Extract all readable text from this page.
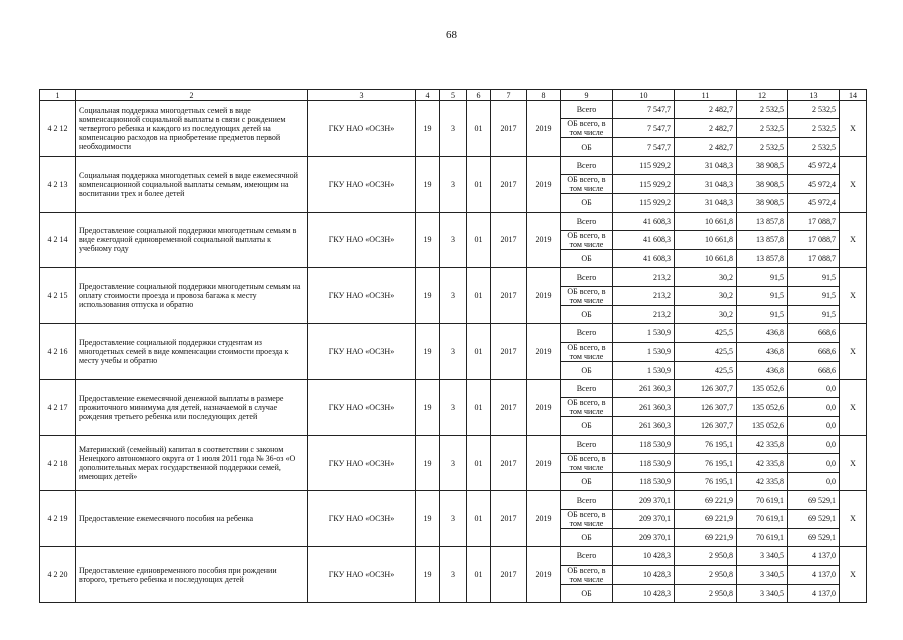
68
1	2	3	4	5	6	7	8	9	10	11	12	13	14
4 2 12	Социальная поддержка многодетных семей в виде компенсационной социальной выплаты в связи с рождением четвертого ребенка и каждого из последующих детей на компенсацию расходов на приобретение предметов первой необходимости	ГКУ НАО «ОСЗН»	19	3	01	2017	2019	Всего	7 547,7	2 482,7	2 532,5	2 532,5	X
								ОБ всего, в том числе	7 547,7	2 482,7	2 532,5	2 532,5	
								ОБ	7 547,7	2 482,7	2 532,5	2 532,5	
4 2 13	Социальная поддержка многодетных семей в виде ежемесячной компенсационной социальной выплаты семьям, имеющим на воспитании трех и более детей	ГКУ НАО «ОСЗН»	19	3	01	2017	2019	Всего	115 929,2	31 048,3	38 908,5	45 972,4	X
								ОБ всего, в том числе	115 929,2	31 048,3	38 908,5	45 972,4	
								ОБ	115 929,2	31 048,3	38 908,5	45 972,4	
4 2 14	Предоставление социальной поддержки многодетным семьям в виде ежегодной единовременной социальной выплаты к учебному году	ГКУ НАО «ОСЗН»	19	3	01	2017	2019	Всего	41 608,3	10 661,8	13 857,8	17 088,7	X
								ОБ всего, в том числе	41 608,3	10 661,8	13 857,8	17 088,7	
								ОБ	41 608,3	10 661,8	13 857,8	17 088,7	
4 2 15	Предоставление социальной поддержки многодетным семьям на оплату стоимости проезда и провоза багажа к месту использования отпуска и обратно	ГКУ НАО «ОСЗН»	19	3	01	2017	2019	Всего	213,2	30,2	91,5	91,5	X
								ОБ всего, в том числе	213,2	30,2	91,5	91,5	
								ОБ	213,2	30,2	91,5	91,5	
4 2 16	Предоставление социальной поддержки студентам из многодетных семей в виде компенсации стоимости проезда к месту учебы и обратно	ГКУ НАО «ОСЗН»	19	3	01	2017	2019	Всего	1 530,9	425,5	436,8	668,6	X
								ОБ всего, в том числе	1 530,9	425,5	436,8	668,6	
								ОБ	1 530,9	425,5	436,8	668,6	
4 2 17	Предоставление ежемесячной денежной выплаты в размере прожиточного минимума для детей, назначаемой в случае рождения третьего ребенка или последующих детей	ГКУ НАО «ОСЗН»	19	3	01	2017	2019	Всего	261 360,3	126 307,7	135 052,6	0,0	X
								ОБ всего, в том числе	261 360,3	126 307,7	135 052,6	0,0	
								ОБ	261 360,3	126 307,7	135 052,6	0,0	
4 2 18	Материнский (семейный) капитал в соответствии с законом Ненецкого автономного округа от 1 июля 2011 года № 36-оз «О дополнительных мерах государственной поддержки семей, имеющих детей»	ГКУ НАО «ОСЗН»	19	3	01	2017	2019	Всего	118 530,9	76 195,1	42 335,8	0,0	X
								ОБ всего, в том числе	118 530,9	76 195,1	42 335,8	0,0	
								ОБ	118 530,9	76 195,1	42 335,8	0,0	
4 2 19	Предоставление ежемесячного пособия на ребенка	ГКУ НАО «ОСЗН»	19	3	01	2017	2019	Всего	209 370,1	69 221,9	70 619,1	69 529,1	X
								ОБ всего, в том числе	209 370,1	69 221,9	70 619,1	69 529,1	
								ОБ	209 370,1	69 221,9	70 619,1	69 529,1	
4 2 20	Предоставление единовременного пособия при рождении второго, третьего ребенка и последующих детей	ГКУ НАО «ОСЗН»	19	3	01	2017	2019	Всего	10 428,3	2 950,8	3 340,5	4 137,0	X
								ОБ всего, в том числе	10 428,3	2 950,8	3 340,5	4 137,0	
								ОБ	10 428,3	2 950,8	3 340,5	4 137,0	
